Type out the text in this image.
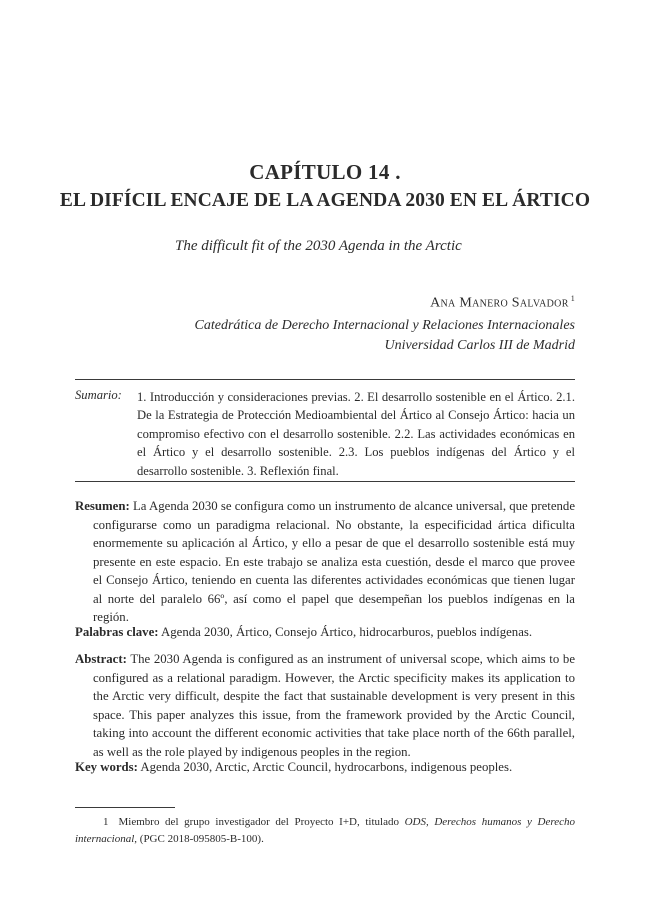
CAPÍTULO 14 .
EL DIFÍCIL ENCAJE DE LA AGENDA 2030 EN EL ÁRTICO
The difficult fit of the 2030 Agenda in the Arctic
Ana Manero Salvador $^1$
Catedrática de Derecho Internacional y Relaciones Internacionales
Universidad Carlos III de Madrid
Sumario: 1. Introducción y consideraciones previas. 2. El desarrollo sostenible en el Ártico. 2.1. De la Estrategia de Protección Medioambiental del Ártico al Consejo Ártico: hacia un compromiso efectivo con el desarrollo sostenible. 2.2. Las actividades económicas en el Ártico y el desarrollo sostenible. 2.3. Los pueblos indígenas del Ártico y el desarrollo sostenible. 3. Reflexión final.
Resumen: La Agenda 2030 se configura como un instrumento de alcance universal, que pretende configurarse como un paradigma relacional. No obstante, la especificidad ártica dificulta enormemente su aplicación al Ártico, y ello a pesar de que el desarrollo sostenible está muy presente en este espacio. En este trabajo se analiza esta cuestión, desde el marco que provee el Consejo Ártico, teniendo en cuenta las diferentes actividades económicas que tienen lugar al norte del paralelo 66º, así como el papel que desempeñan los pueblos indígenas en la región.
Palabras clave: Agenda 2030, Ártico, Consejo Ártico, hidrocarburos, pueblos indígenas.
Abstract: The 2030 Agenda is configured as an instrument of universal scope, which aims to be configured as a relational paradigm. However, the Arctic specificity makes its application to the Arctic very difficult, despite the fact that sustainable development is very present in this space. This paper analyzes this issue, from the framework provided by the Arctic Council, taking into account the different economic activities that take place north of the 66th parallel, as well as the role played by indigenous peoples in the region.
Key words: Agenda 2030, Arctic, Arctic Council, hydrocarbons, indigenous peoples.
1 Miembro del grupo investigador del Proyecto I+D, titulado ODS, Derechos humanos y Derecho internacional, (PGC 2018-095805-B-100).
